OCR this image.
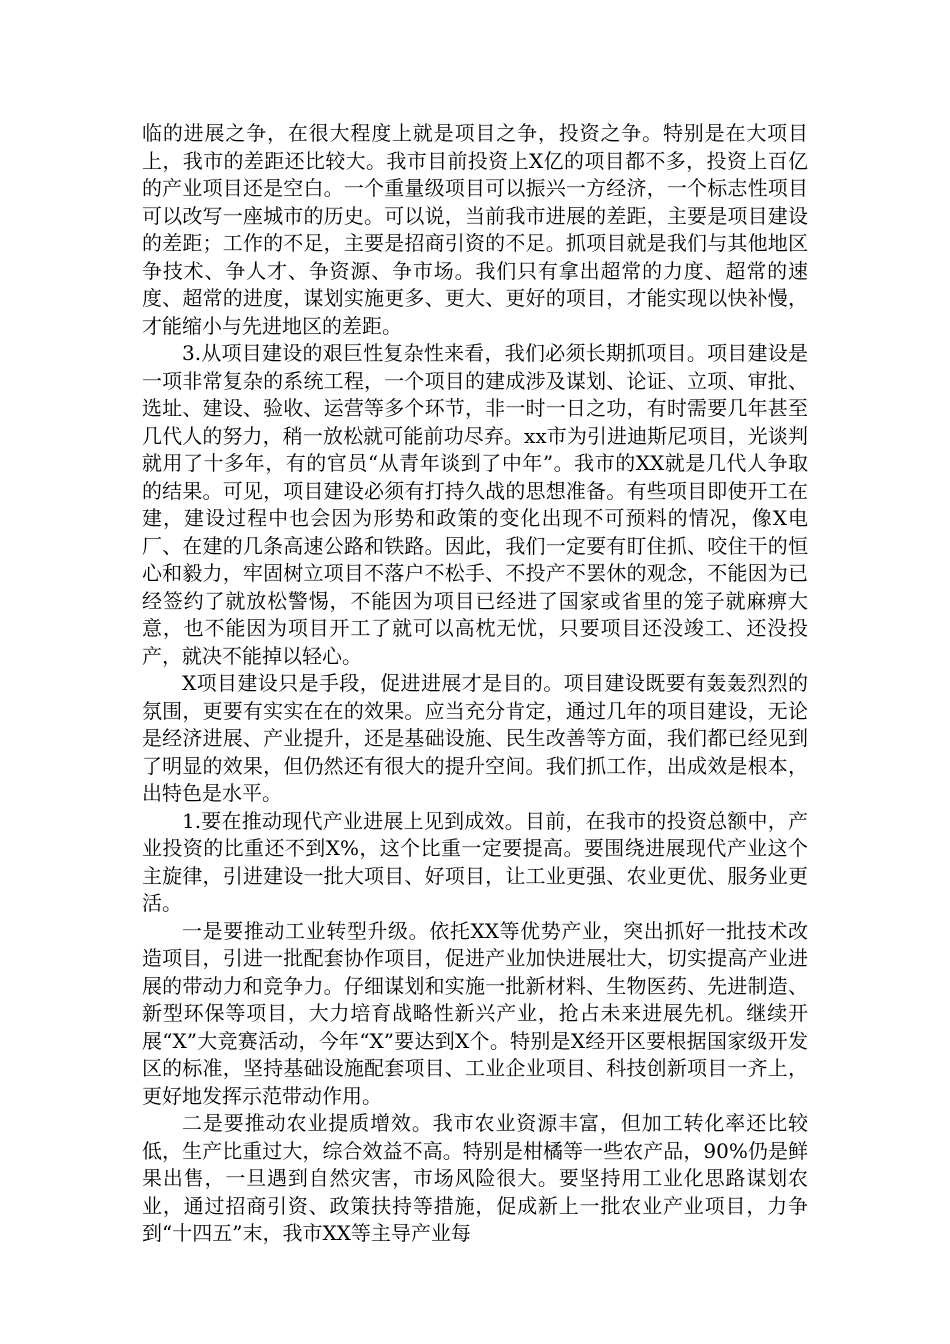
临的进展之争，在很大程度上就是项目之争，投资之争。特别是在大项目上，我市的差距还比较大。我市目前投资上X亿的项目都不多，投资上百亿的产业项目还是空白。一个重量级项目可以振兴一方经济，一个标志性项目可以改写一座城市的历史。可以说，当前我市进展的差距，主要是项目建设的差距；工作的不足，主要是招商引资的不足。抓项目就是我们与其他地区争技术、争人才、争资源、争市场。我们只有拿出超常的力度、超常的速度、超常的进度，谋划实施更多、更大、更好的项目，才能实现以快补慢，才能缩小与先进地区的差距。

3.从项目建设的艰巨性复杂性来看，我们必须长期抓项目。项目建设是一项非常复杂的系统工程，一个项目的建成涉及谋划、论证、立项、审批、选址、建设、验收、运营等多个环节，非一时一日之功，有时需要几年甚至几代人的努力，稍一放松就可能前功尽弃。xx市为引进迪斯尼项目，光谈判就用了十多年，有的官员“从青年谈到了中年”。我市的XX就是几代人争取的结果。可见，项目建设必须有打持久战的思想准备。有些项目即使开工在建，建设过程中也会因为形势和政策的变化出现不可预料的情况，像X电厂、在建的几条高速公路和铁路。因此，我们一定要有盯住抓、咬住干的恒心和毅力，牢固树立项目不落户不松手、不投产不罢休的观念，不能因为已经签约了就放松警惕，不能因为项目已经进了国家或省里的笼子就麻痹大意，也不能因为项目开工了就可以高枕无忧，只要项目还没竣工、还没投产，就决不能掉以轻心。

X项目建设只是手段，促进进展才是目的。项目建设既要有轰轰烈烈的氛围，更要有实实在在的效果。应当充分肯定，通过几年的项目建设，无论是经济进展、产业提升，还是基础设施、民生改善等方面，我们都已经见到了明显的效果，但仍然还有很大的提升空间。我们抓工作，出成效是根本，出特色是水平。

1.要在推动现代产业进展上见到成效。目前，在我市的投资总额中，产业投资的比重还不到X%，这个比重一定要提高。要围绕进展现代产业这个主旋律，引进建设一批大项目、好项目，让工业更强、农业更优、服务业更活。

一是要推动工业转型升级。依托XX等优势产业，突出抓好一批技术改造项目，引进一批配套协作项目，促进产业加快进展壮大，切实提高产业进展的带动力和竞争力。仔细谋划和实施一批新材料、生物医药、先进制造、新型环保等项目，大力培育战略性新兴产业，抢占未来进展先机。继续开展“X”大竞赛活动，今年“X”要达到X个。特别是X经开区要根据国家级开发区的标准，坚持基础设施配套项目、工业企业项目、科技创新项目一齐上，更好地发挥示范带动作用。

二是要推动农业提质增效。我市农业资源丰富，但加工转化率还比较低，生产比重过大，综合效益不高。特别是柑橘等一些农产品，90%仍是鲜果出售，一旦遇到自然灾害，市场风险很大。要坚持用工业化思路谋划农业，通过招商引资、政策扶持等措施，促成新上一批农业产业项目，力争到“十四五”末，我市XX等主导产业每
